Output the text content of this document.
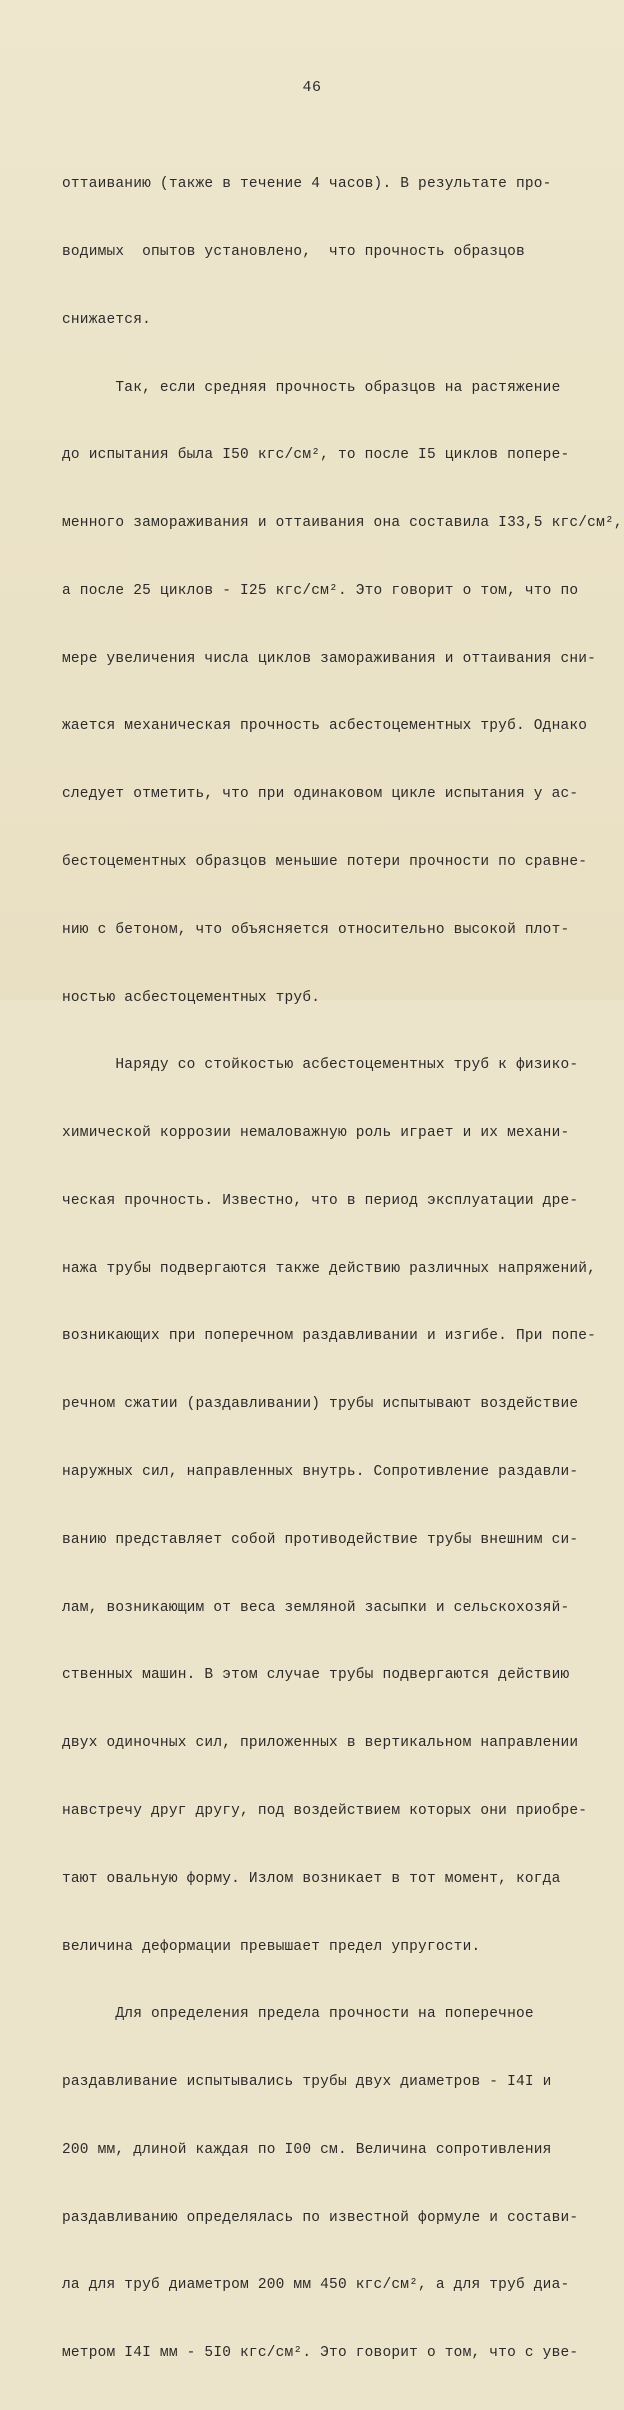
46

оттаиванию (также в течение 4 часов). В результате про-

водимых  опытов установлено,  что прочность образцов

снижается.

Так, если средняя прочность образцов на растяжение

до испытания была I50 кгс/см², то после I5 циклов попере-

менного замораживания и оттаивания она составила I33,5 кгс/см²,

а после 25 циклов - I25 кгс/см². Это говорит о том, что по

мере увеличения числа циклов замораживания и оттаивания сни-

жается механическая прочность асбестоцементных труб. Однако

следует отметить, что при одинаковом цикле испытания у ас-

бестоцементных образцов меньшие потери прочности по сравне-

нию с бетоном, что объясняется относительно высокой плот-

ностью асбестоцементных труб.

Наряду со стойкостью асбестоцементных труб к физико-

химической коррозии немаловажную роль играет и их механи-

ческая прочность. Известно, что в период эксплуатации дре-

нажа трубы подвергаются также действию различных напряжений,

возникающих при поперечном раздавливании и изгибе. При попе-

речном сжатии (раздавливании) трубы испытывают воздействие

наружных сил, направленных внутрь. Сопротивление раздавли-

ванию представляет собой противодействие трубы внешним си-

лам, возникающим от веса земляной засыпки и сельскохозяй-

ственных машин. В этом случае трубы подвергаются действию

двух одиночных сил, приложенных в вертикальном направлении

навстречу друг другу, под воздействием которых они приобре-

тают овальную форму. Излом возникает в тот момент, когда

величина деформации превышает предел упругости.

Для определения предела прочности на поперечное

раздавливание испытывались трубы двух диаметров - I4I и

200 мм, длиной каждая по I00 см. Величина сопротивления

раздавливанию определялась по известной формуле и состави-

ла для труб диаметром 200 мм 450 кгс/см², а для труб диа-

метром I4I мм - 5I0 кгс/см². Это говорит о том, что с уве-
